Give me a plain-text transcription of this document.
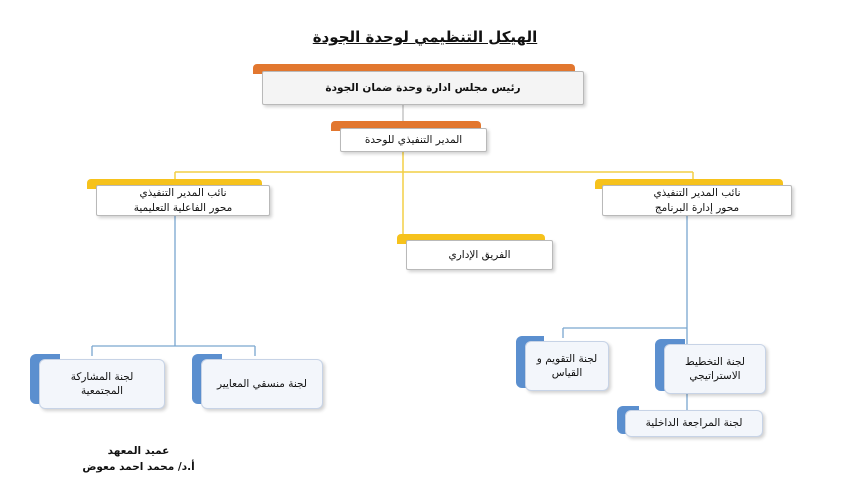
الهيكل التنظيمي لوحدة الجودة
رئيس مجلس ادارة وحدة ضمان الجودة
المدير التنفيذي للوحدة
نائب المدير التنفيذي
محور الفاعلية التعليمية
نائب المدير التنفيذي
محور إدارة البرنامج
الفريق الإداري
لجنة المشاركة
المجتمعية
لجنة منسقي المعايير
لجنة التقويم و
القياس
لجنة التخطيط
الاستراتيجي
لجنة المراجعة الداخلية
عميد المعهد
أ.د/ محمد احمد معوض
